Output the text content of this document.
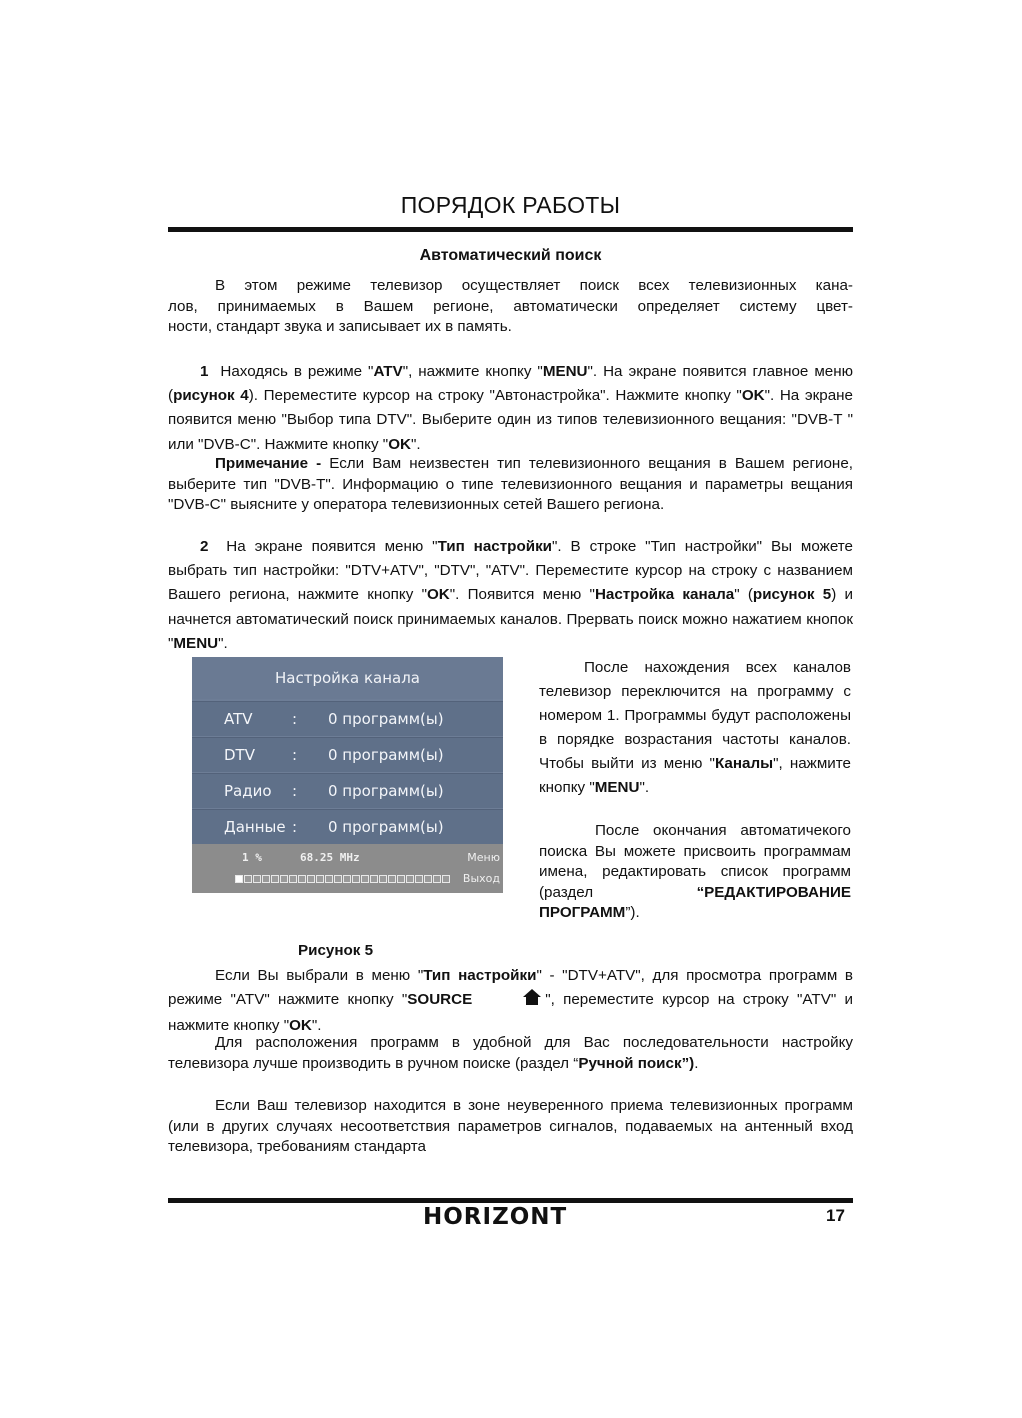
ПОРЯДОК РАБОТЫ
Автоматический поиск
В этом режиме телевизор осуществляет поиск всех телевизионных кана-
лов, принимаемых в Вашем регионе, автоматически определяет систему цвет-
ности, стандарт звука и записывает их в память.
1 Находясь в режиме "ATV", нажмите кнопку "MENU". На экране появится главное меню (рисунок 4). Переместите курсор на строку "Автонастройка". Нажмите кнопку "OK". На экране появится меню "Выбор типа DTV". Выберите один из типов телевизионного вещания: "DVB-T " или "DVB-C". Нажмите кнопку "OK".
Примечание - Если Вам неизвестен тип телевизионного вещания в Вашем регионе, выберите тип "DVB-T". Информацию о типе телевизионного вещания и параметры вещания "DVB-C" выясните у оператора телевизионных сетей Вашего региона.
2 На экране появится меню "Тип настройки". В строке "Тип настройки" Вы можете выбрать тип настройки: "DTV+ATV", "DTV", "ATV". Переместите курсор на строку с названием Вашего региона, нажмите кнопку "OK". Появится меню "Настройка канала" (рисунок 5) и начнется автоматический поиск принимаемых каналов. Прервать поиск можно нажатием кнопок "MENU".
Настройка канала
ATV	: 0 программ(ы)
DTV : 0 программ(ы)
Радио : 0 программ(ы)
Данные : 0 программ(ы)
1 %	68.25 MHz	Меню
Выход
После нахождения всех каналов телевизор переключится на программу с номером 1. Программы будут расположены в порядке возрастания частоты каналов. Чтобы выйти из меню "Каналы", нажмите кнопку "MENU".
После окончания автоматичекого поиска Вы можете присвоить программам имена, редактировать список программ (раздел “РЕДАКТИРОВАНИЕ ПРОГРАММ”).
Рисунок 5
Если Вы выбрали в меню "Тип настройки" - "DTV+ATV", для просмотра программ в режиме "ATV" нажмите кнопку "SOURCE	", переместите курсор на строку "ATV" и нажмите кнопку "OK".
Для расположения программ в удобной для Вас последовательности настройку телевизора лучше производить в ручном поиске (раздел “Ручной поиск”).
Если Ваш телевизор находится в зоне неуверенного приема телевизионных программ (или в других случаях несоответствия параметров сигналов, подаваемых на антенный вход телевизора, требованиям стандарта
HORIZONT	17
